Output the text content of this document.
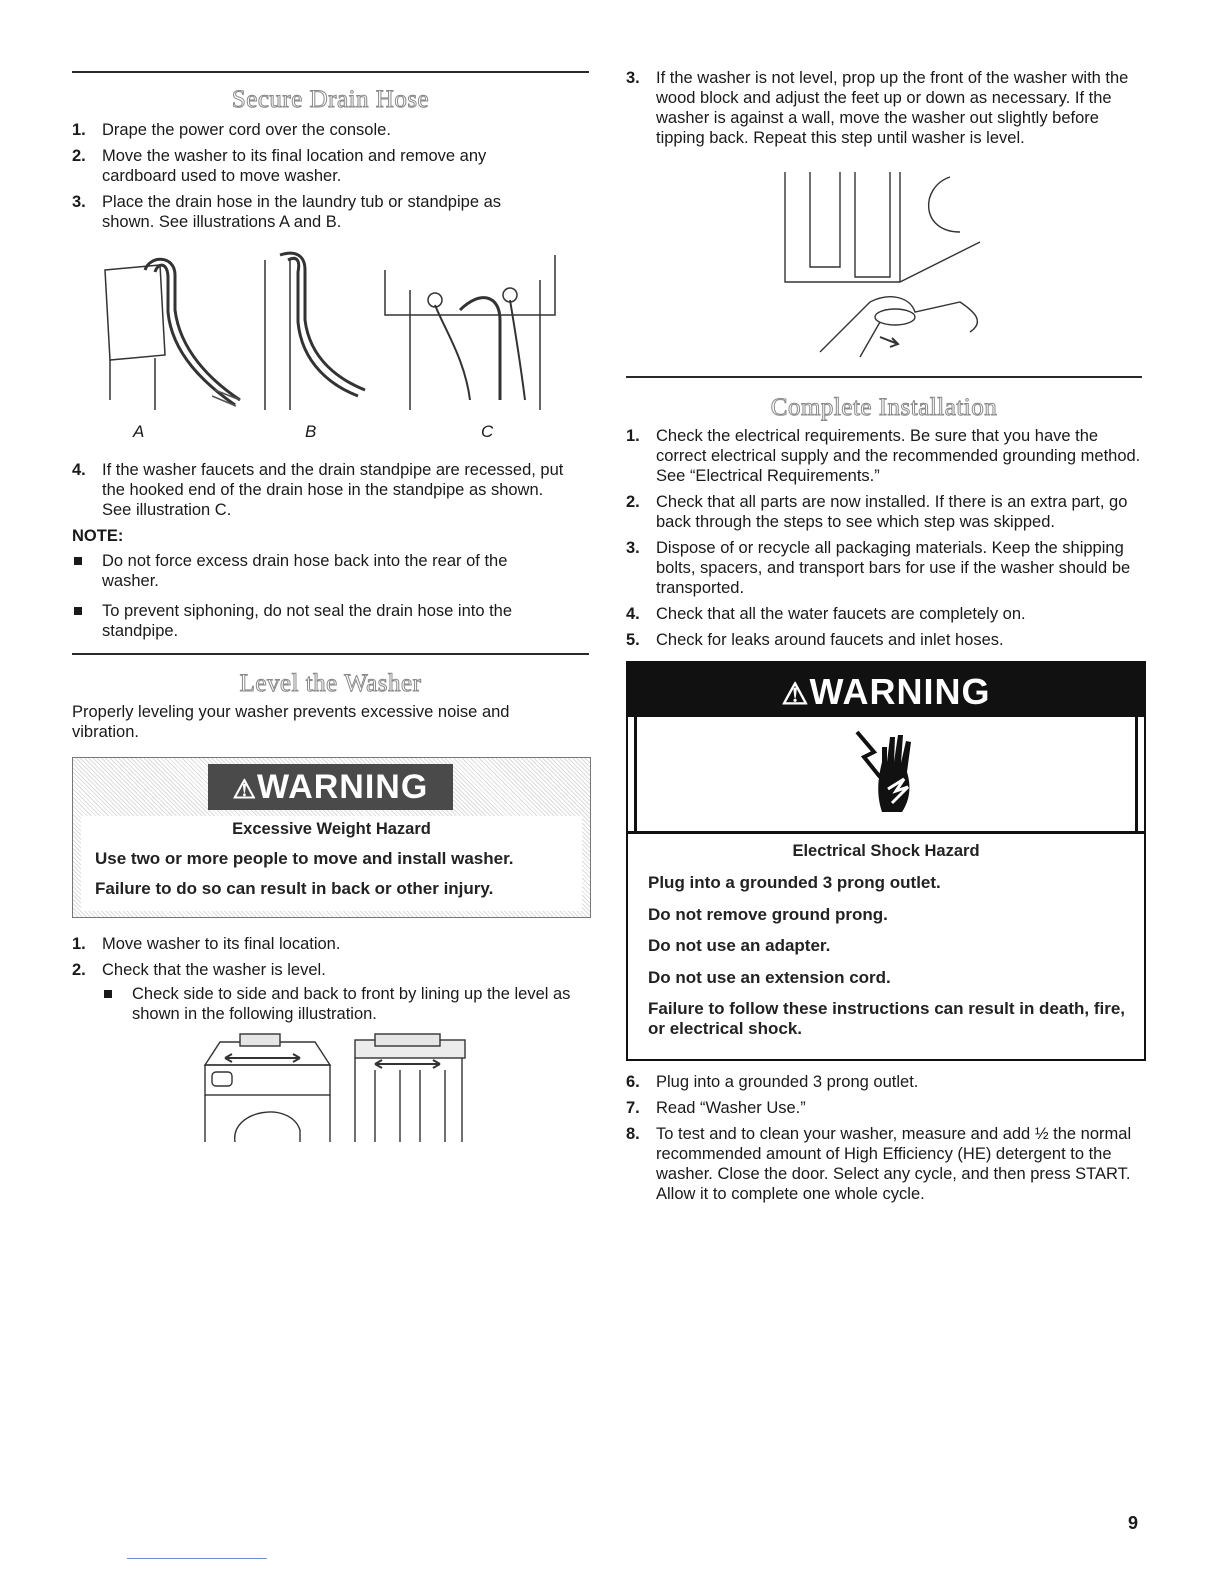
Secure Drain Hose
1. Drape the power cord over the console.
2. Move the washer to its final location and remove any cardboard used to move washer.
3. Place the drain hose in the laundry tub or standpipe as shown. See illustrations A and B.
A	B	C
4. If the washer faucets and the drain standpipe are recessed, put the hooked end of the drain hose in the standpipe as shown. See illustration C.
NOTE:
Do not force excess drain hose back into the rear of the washer.
To prevent siphoning, do not seal the drain hose into the standpipe.
Level the Washer
Properly leveling your washer prevents excessive noise and vibration.
⚠WARNING
Excessive Weight Hazard
Use two or more people to move and install washer.
Failure to do so can result in back or other injury.
1. Move washer to its final location.
2. Check that the washer is level.
Check side to side and back to front by lining up the level as shown in the following illustration.
3. If the washer is not level, prop up the front of the washer with the wood block and adjust the feet up or down as necessary. If the washer is against a wall, move the washer out slightly before tipping back. Repeat this step until washer is level.
Complete Installation
1. Check the electrical requirements. Be sure that you have the correct electrical supply and the recommended grounding method. See “Electrical Requirements.”
2. Check that all parts are now installed. If there is an extra part, go back through the steps to see which step was skipped.
3. Dispose of or recycle all packaging materials. Keep the shipping bolts, spacers, and transport bars for use if the washer should be transported.
4. Check that all the water faucets are completely on.
5. Check for leaks around faucets and inlet hoses.
⚠WARNING
Electrical Shock Hazard
Plug into a grounded 3 prong outlet.
Do not remove ground prong.
Do not use an adapter.
Do not use an extension cord.
Failure to follow these instructions can result in death, fire, or electrical shock.
6. Plug into a grounded 3 prong outlet.
7. Read “Washer Use.”
8. To test and to clean your washer, measure and add ½ the normal recommended amount of High Efficiency (HE) detergent to the washer. Close the door. Select any cycle, and then press START. Allow it to complete one whole cycle.
9
